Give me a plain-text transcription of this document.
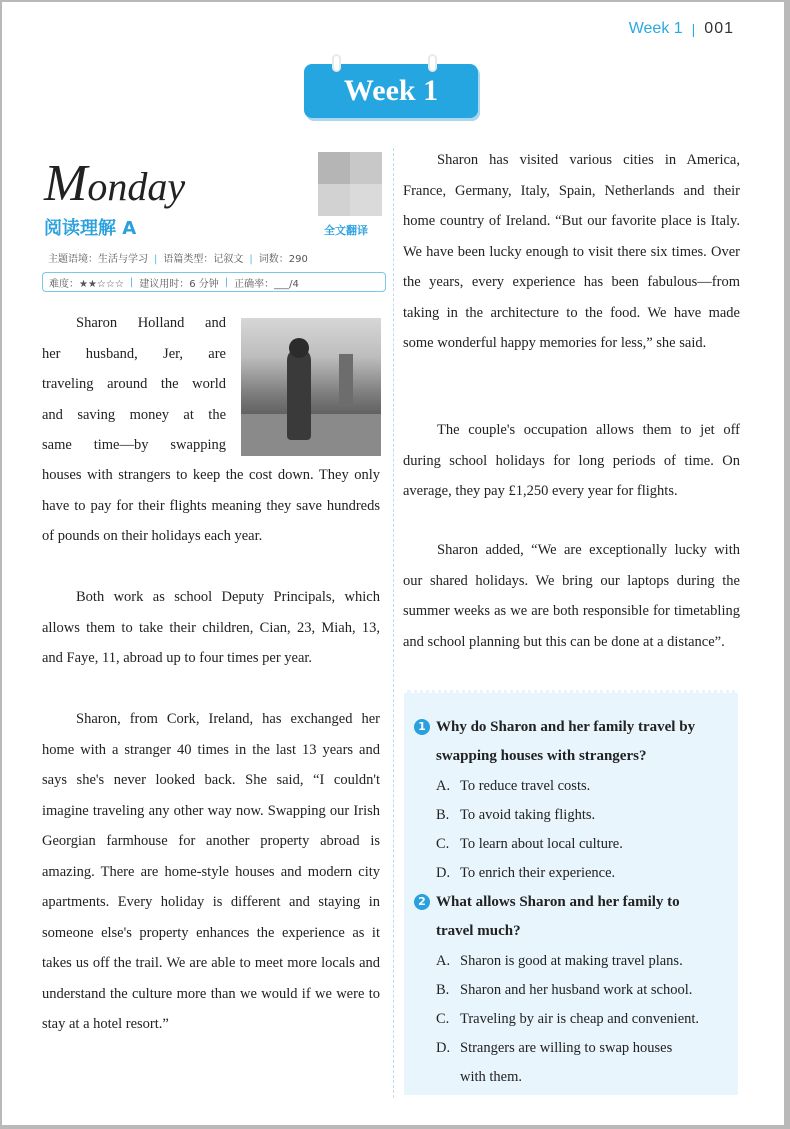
Week 1 | 001
Week 1
Monday
阅读理解 A	全文翻译
主题语境：生活与学习 | 语篇类型：记叙文 | 词数：290
难度：★★☆☆☆ | 建议用时：6 分钟 | 正确率：___/4
Sharon Holland and
her husband, Jer, are
traveling around the world
and saving money at the
same time—by swapping

houses with strangers to keep the cost down. They only have to pay for their flights meaning they save hundreds of pounds on their holidays each year.

Both work as school Deputy Principals, which allows them to take their children, Cian, 23, Miah, 13, and Faye, 11, abroad up to four times per year.

Sharon, from Cork, Ireland, has exchanged her home with a stranger 40 times in the last 13 years and says she's never looked back. She said, “I couldn't imagine traveling any other way now. Swapping our Irish Georgian farmhouse for another property abroad is amazing. There are home-style houses and modern city apartments. Every holiday is different and staying in someone else's property enhances the experience as it takes us off the trail. We are able to meet more locals and understand the culture more than we would if we were to stay at a hotel resort.”

Sharon has visited various cities in America, France, Germany, Italy, Spain, Netherlands and their home country of Ireland. “But our favorite place is Italy. We have been lucky enough to visit there six times. Over the years, every experience has been fabulous—from taking in the architecture to the food. We have made some wonderful happy memories for less,” she said.

The couple's occupation allows them to jet off during school holidays for long periods of time. On average, they pay £1,250 every year for flights.

Sharon added, “We are exceptionally lucky with our shared holidays. We bring our laptops during the summer weeks as we are both responsible for timetabling and school planning but this can be done at a distance”.

1 Why do Sharon and her family travel by
swapping houses with strangers?
A. To reduce travel costs.
B. To avoid taking flights.
C. To learn about local culture.
D. To enrich their experience.
2 What allows Sharon and her family to
travel much?
A. Sharon is good at making travel plans.
B. Sharon and her husband work at school.
C. Traveling by air is cheap and convenient.
D. Strangers are willing to swap houses
with them.
